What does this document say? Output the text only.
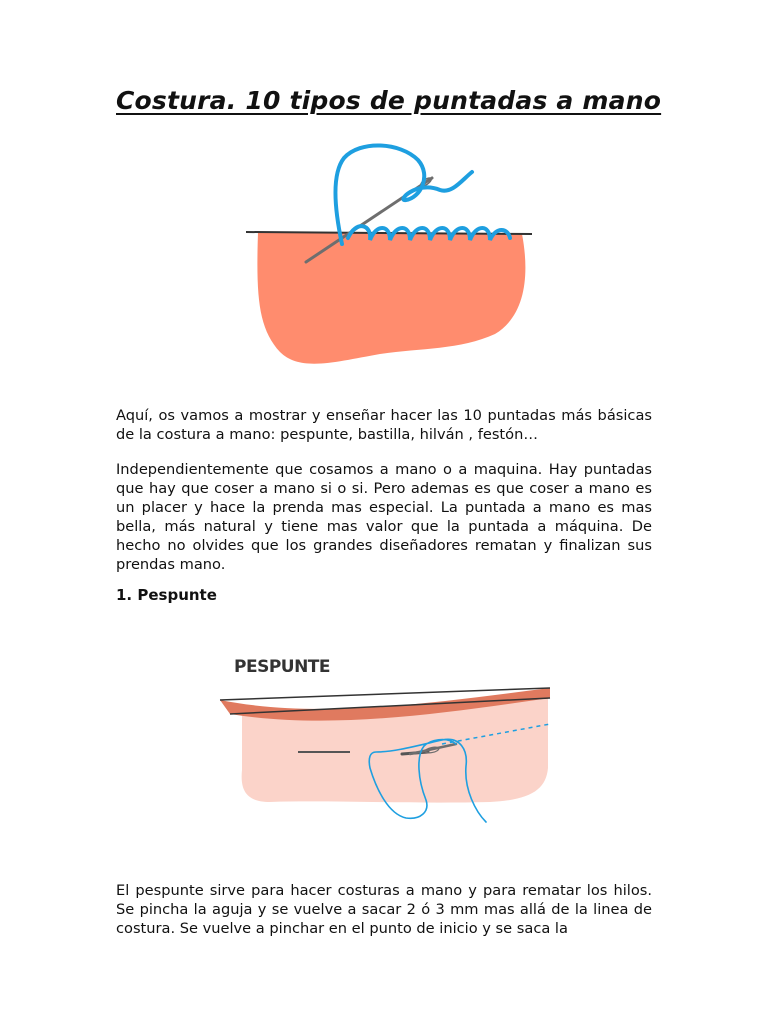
Costura. 10 tipos de puntadas a mano

Aquí, os vamos a mostrar y enseñar hacer las 10 puntadas más básicas de la costura a mano: pespunte, bastilla, hilván , festón…

Independientemente que cosamos a mano o a maquina. Hay puntadas que hay que coser a mano si o si. Pero ademas es que coser a mano es un placer y hace la prenda mas especial. La puntada a mano es mas bella, más natural y tiene mas valor que la puntada a máquina. De hecho no olvides que los grandes diseñadores rematan y finalizan sus prendas mano.

1. Pespunte
PESPUNTE

El pespunte sirve para hacer costuras a mano y para rematar los hilos. Se pincha la aguja y se vuelve a sacar 2 ó 3 mm mas allá de la linea de costura. Se vuelve a pinchar en el punto de inicio y se saca la
